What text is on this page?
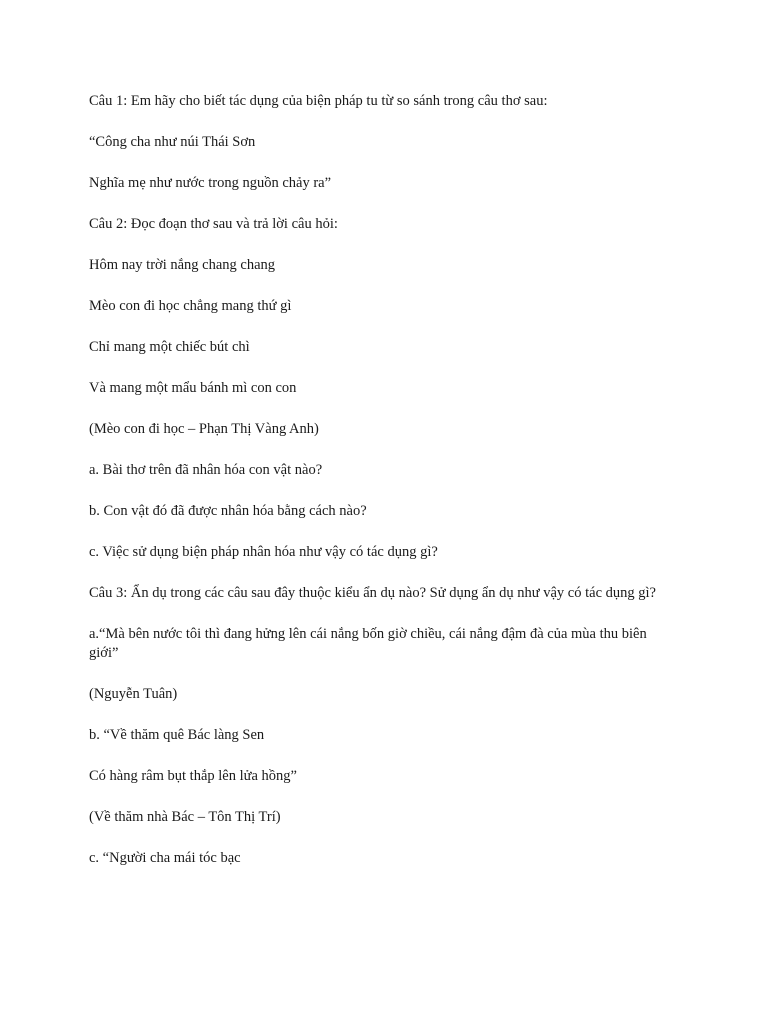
Câu 1: Em hãy cho biết tác dụng của biện pháp tu từ so sánh trong câu thơ sau:

“Công cha như núi Thái Sơn

Nghĩa mẹ như nước trong nguồn chảy ra”

Câu 2: Đọc đoạn thơ sau và trả lời câu hỏi:

Hôm nay trời nắng chang chang

Mèo con đi học chẳng mang thứ gì

Chỉ mang một chiếc bút chì

Và mang một mẩu bánh mì con con

(Mèo con đi học – Phạn Thị Vàng Anh)

a. Bài thơ trên đã nhân hóa con vật nào?

b. Con vật đó đã được nhân hóa bằng cách nào?

c. Việc sử dụng biện pháp nhân hóa như vậy có tác dụng gì?

Câu 3: Ẩn dụ trong các câu sau đây thuộc kiểu ẩn dụ nào? Sử dụng ẩn dụ như vậy có tác dụng gì?

a.“Mà bên nước tôi thì đang hửng lên cái nắng bốn giờ chiều, cái nắng đậm đà của mùa thu biên giới”

(Nguyễn Tuân)

b. “Về thăm quê Bác làng Sen

Có hàng râm bụt thắp lên lửa hồng”

(Về thăm nhà Bác – Tôn Thị Trí)

c. “Người cha mái tóc bạc
